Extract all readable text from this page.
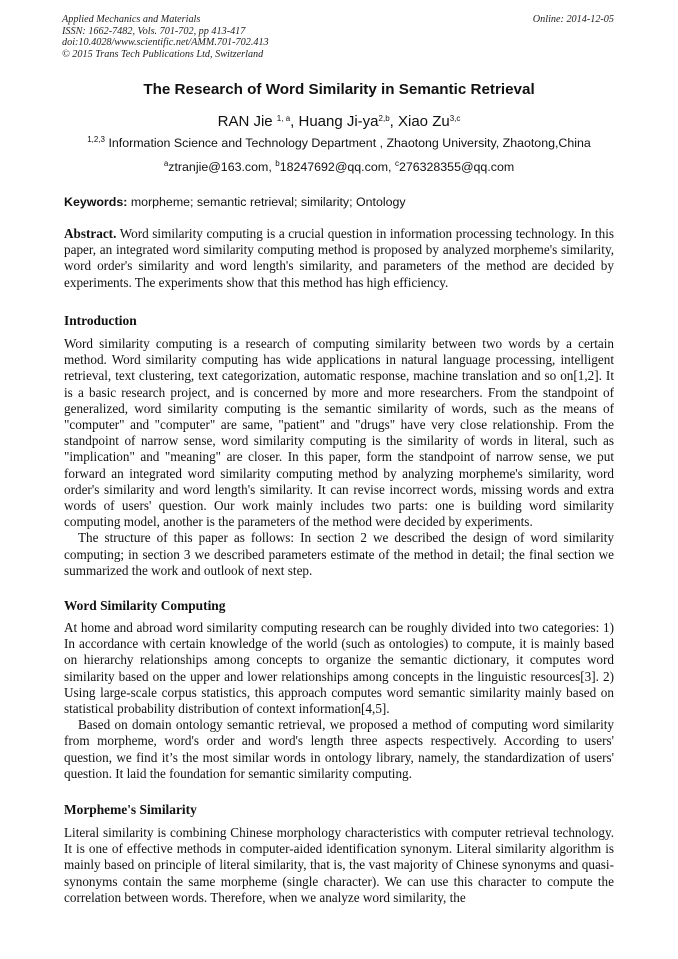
Applied Mechanics and Materials
ISSN: 1662-7482, Vols. 701-702, pp 413-417
doi:10.4028/www.scientific.net/AMM.701-702.413
© 2015 Trans Tech Publications Ltd, Switzerland
Online: 2014-12-05
The Research of Word Similarity in Semantic Retrieval
RAN Jie $^{1, a}$, Huang Ji-ya$^{2,b}$, Xiao Zu$^{3,c}$
$^{1,2,3}$ Information Science and Technology Department , Zhaotong University, Zhaotong,China
$^a$ztranjie@163.com, $^b$18247692@qq.com, $^c$276328355@qq.com
Keywords: morpheme; semantic retrieval; similarity; Ontology

Abstract. Word similarity computing is a crucial question in information processing technology. In this paper, an integrated word similarity computing method is proposed by analyzed morpheme's similarity, word order's similarity and word length's similarity, and parameters of the method are decided by experiments. The experiments show that this method has high efficiency.

Introduction

Word similarity computing is a research of computing similarity between two words by a certain method. Word similarity computing has wide applications in natural language processing, intelligent retrieval, text clustering, text categorization, automatic response, machine translation and so on[1,2]. It is a basic research project, and is concerned by more and more researchers. From the standpoint of generalized, word similarity computing is the semantic similarity of words, such as the means of "computer" and "computer" are same, "patient" and "drugs" have very close relationship. From the standpoint of narrow sense, word similarity computing is the similarity of words in literal, such as "implication" and "meaning" are closer. In this paper, form the standpoint of narrow sense, we put forward an integrated word similarity computing method by analyzing morpheme's similarity, word order's similarity and word length's similarity. It can revise incorrect words, missing words and extra words of users' question. Our work mainly includes two parts: one is building word similarity computing model, another is the parameters of the method were decided by experiments.

The structure of this paper as follows: In section 2 we described the design of word similarity computing; in section 3 we described parameters estimate of the method in detail; the final section we summarized the work and outlook of next step.

Word Similarity Computing

At home and abroad word similarity computing research can be roughly divided into two categories: 1) In accordance with certain knowledge of the world (such as ontologies) to compute, it is mainly based on hierarchy relationships among concepts to organize the semantic dictionary, it computes word similarity based on the upper and lower relationships among concepts in the linguistic resources[3]. 2) Using large-scale corpus statistics, this approach computes word semantic similarity mainly based on statistical probability distribution of context information[4,5].

Based on domain ontology semantic retrieval, we proposed a method of computing word similarity from morpheme, word's order and word's length three aspects respectively. According to users' question, we find it’s the most similar words in ontology library, namely, the standardization of users' question. It laid the foundation for semantic similarity computing.

Morpheme's Similarity

Literal similarity is combining Chinese morphology characteristics with computer retrieval technology. It is one of effective methods in computer-aided identification synonym. Literal similarity algorithm is mainly based on principle of literal similarity, that is, the vast majority of Chinese synonyms and quasi-synonyms contain the same morpheme (single character). We can use this character to compute the correlation between words. Therefore, when we analyze word similarity, the
